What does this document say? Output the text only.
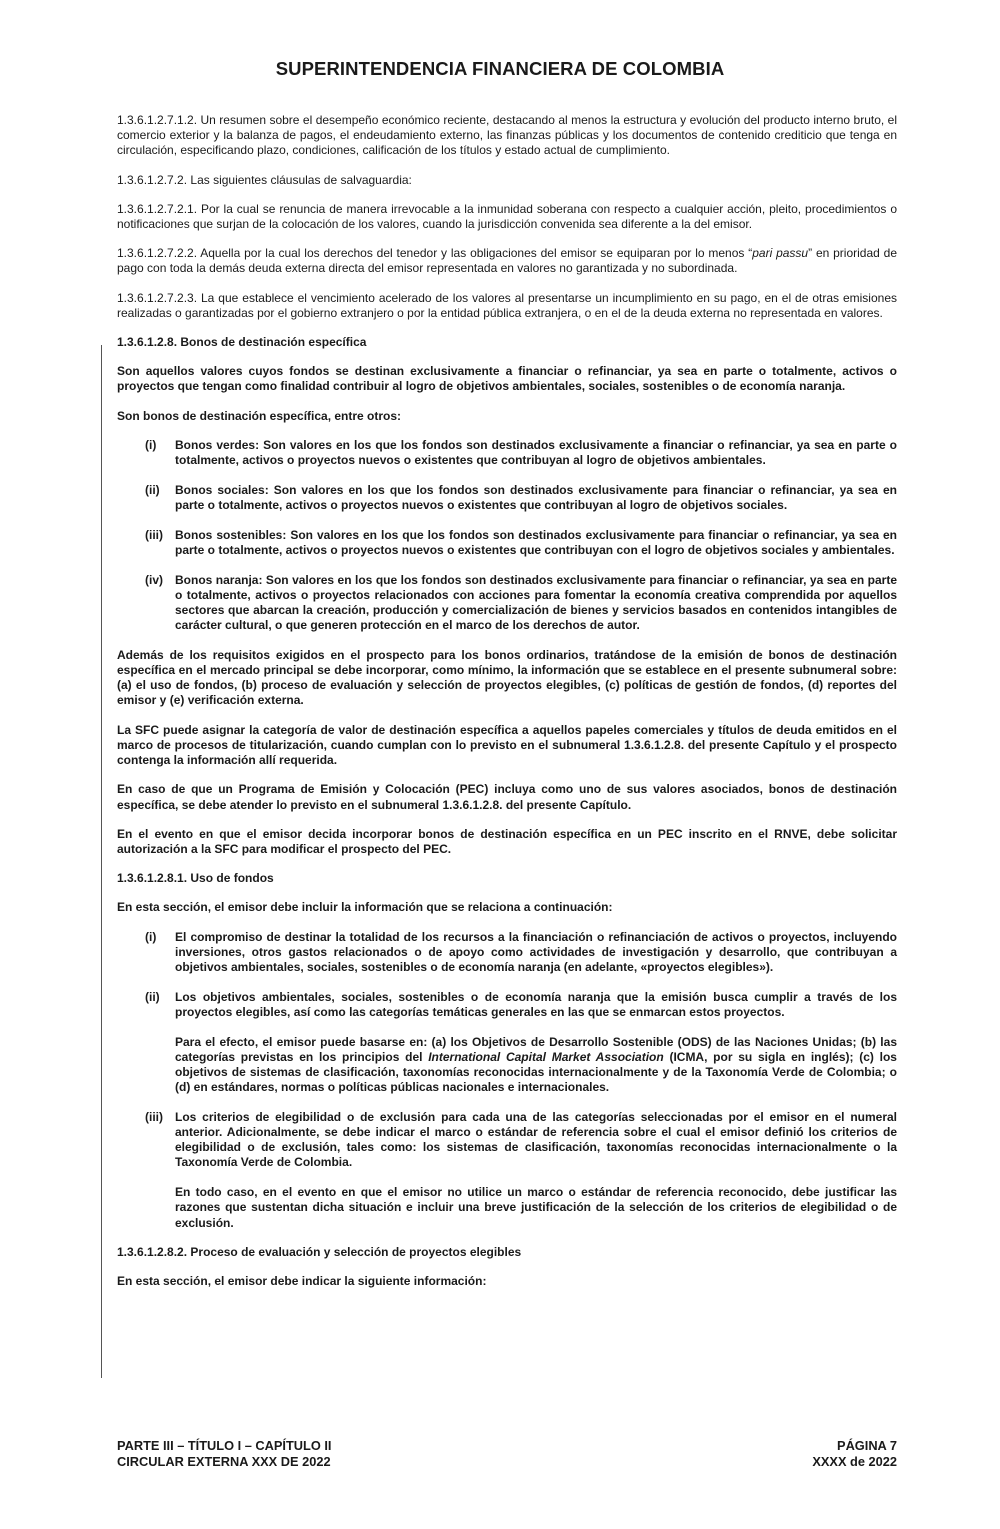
SUPERINTENDENCIA FINANCIERA DE COLOMBIA

1.3.6.1.2.7.1.2. Un resumen sobre el desempeño económico reciente, destacando al menos la estructura y evolución del producto interno bruto, el comercio exterior y la balanza de pagos, el endeudamiento externo, las finanzas públicas y los documentos de contenido crediticio que tenga en circulación, especificando plazo, condiciones, calificación de los títulos y estado actual de cumplimiento.

1.3.6.1.2.7.2. Las siguientes cláusulas de salvaguardia:

1.3.6.1.2.7.2.1. Por la cual se renuncia de manera irrevocable a la inmunidad soberana con respecto a cualquier acción, pleito, procedimientos o notificaciones que surjan de la colocación de los valores, cuando la jurisdicción convenida sea diferente a la del emisor.

1.3.6.1.2.7.2.2. Aquella por la cual los derechos del tenedor y las obligaciones del emisor se equiparan por lo menos “pari passu” en prioridad de pago con toda la demás deuda externa directa del emisor representada en valores no garantizada y no subordinada.

1.3.6.1.2.7.2.3. La que establece el vencimiento acelerado de los valores al presentarse un incumplimiento en su pago, en el de otras emisiones realizadas o garantizadas por el gobierno extranjero o por la entidad pública extranjera, o en el de la deuda externa no representada en valores.

1.3.6.1.2.8. Bonos de destinación específica

Son aquellos valores cuyos fondos se destinan exclusivamente a financiar o refinanciar, ya sea en parte o totalmente, activos o proyectos que tengan como finalidad contribuir al logro de objetivos ambientales, sociales, sostenibles o de economía naranja.

Son bonos de destinación específica, entre otros:

(i)	Bonos verdes: Son valores en los que los fondos son destinados exclusivamente a financiar o refinanciar, ya sea en parte o totalmente, activos o proyectos nuevos o existentes que contribuyan al logro de objetivos ambientales.
(ii)	Bonos sociales: Son valores en los que los fondos son destinados exclusivamente para financiar o refinanciar, ya sea en parte o totalmente, activos o proyectos nuevos o existentes que contribuyan al logro de objetivos sociales.
(iii)	Bonos sostenibles: Son valores en los que los fondos son destinados exclusivamente para financiar o refinanciar, ya sea en parte o totalmente, activos o proyectos nuevos o existentes que contribuyan con el logro de objetivos sociales y ambientales.
(iv)	Bonos naranja: Son valores en los que los fondos son destinados exclusivamente para financiar o refinanciar, ya sea en parte o totalmente, activos o proyectos relacionados con acciones para fomentar la economía creativa comprendida por aquellos sectores que abarcan la creación, producción y comercialización de bienes y servicios basados en contenidos intangibles de carácter cultural, o que generen protección en el marco de los derechos de autor.

Además de los requisitos exigidos en el prospecto para los bonos ordinarios, tratándose de la emisión de bonos de destinación específica en el mercado principal se debe incorporar, como mínimo, la información que se establece en el presente subnumeral sobre: (a) el uso de fondos, (b) proceso de evaluación y selección de proyectos elegibles, (c) políticas de gestión de fondos, (d) reportes del emisor y (e) verificación externa.

La SFC puede asignar la categoría de valor de destinación específica a aquellos papeles comerciales y títulos de deuda emitidos en el marco de procesos de titularización, cuando cumplan con lo previsto en el subnumeral 1.3.6.1.2.8. del presente Capítulo y el prospecto contenga la información allí requerida.

En caso de que un Programa de Emisión y Colocación (PEC) incluya como uno de sus valores asociados, bonos de destinación específica, se debe atender lo previsto en el subnumeral 1.3.6.1.2.8. del presente Capítulo.

En el evento en que el emisor decida incorporar bonos de destinación específica en un PEC inscrito en el RNVE, debe solicitar autorización a la SFC para modificar el prospecto del PEC.

1.3.6.1.2.8.1. Uso de fondos

En esta sección, el emisor debe incluir la información que se relaciona a continuación:

(i)	El compromiso de destinar la totalidad de los recursos a la financiación o refinanciación de activos o proyectos, incluyendo inversiones, otros gastos relacionados o de apoyo como actividades de investigación y desarrollo, que contribuyan a objetivos ambientales, sociales, sostenibles o de economía naranja (en adelante, «proyectos elegibles»).
(ii)	Los objetivos ambientales, sociales, sostenibles o de economía naranja que la emisión busca cumplir a través de los proyectos elegibles, así como las categorías temáticas generales en las que se enmarcan estos proyectos.
Para el efecto, el emisor puede basarse en: (a) los Objetivos de Desarrollo Sostenible (ODS) de las Naciones Unidas; (b) las categorías previstas en los principios del International Capital Market Association (ICMA, por su sigla en inglés); (c) los objetivos de sistemas de clasificación, taxonomías reconocidas internacionalmente y de la Taxonomía Verde de Colombia; o (d) en estándares, normas o políticas públicas nacionales e internacionales.
(iii)	Los criterios de elegibilidad o de exclusión para cada una de las categorías seleccionadas por el emisor en el numeral anterior. Adicionalmente, se debe indicar el marco o estándar de referencia sobre el cual el emisor definió los criterios de elegibilidad o de exclusión, tales como: los sistemas de clasificación, taxonomías reconocidas internacionalmente o la Taxonomía Verde de Colombia.
En todo caso, en el evento en que el emisor no utilice un marco o estándar de referencia reconocido, debe justificar las razones que sustentan dicha situación e incluir una breve justificación de la selección de los criterios de elegibilidad o de exclusión.

1.3.6.1.2.8.2. Proceso de evaluación y selección de proyectos elegibles

En esta sección, el emisor debe indicar la siguiente información:

PARTE III – TÍTULO I – CAPÍTULO II
CIRCULAR EXTERNA XXX DE 2022
PÁGINA 7
XXXX de 2022
